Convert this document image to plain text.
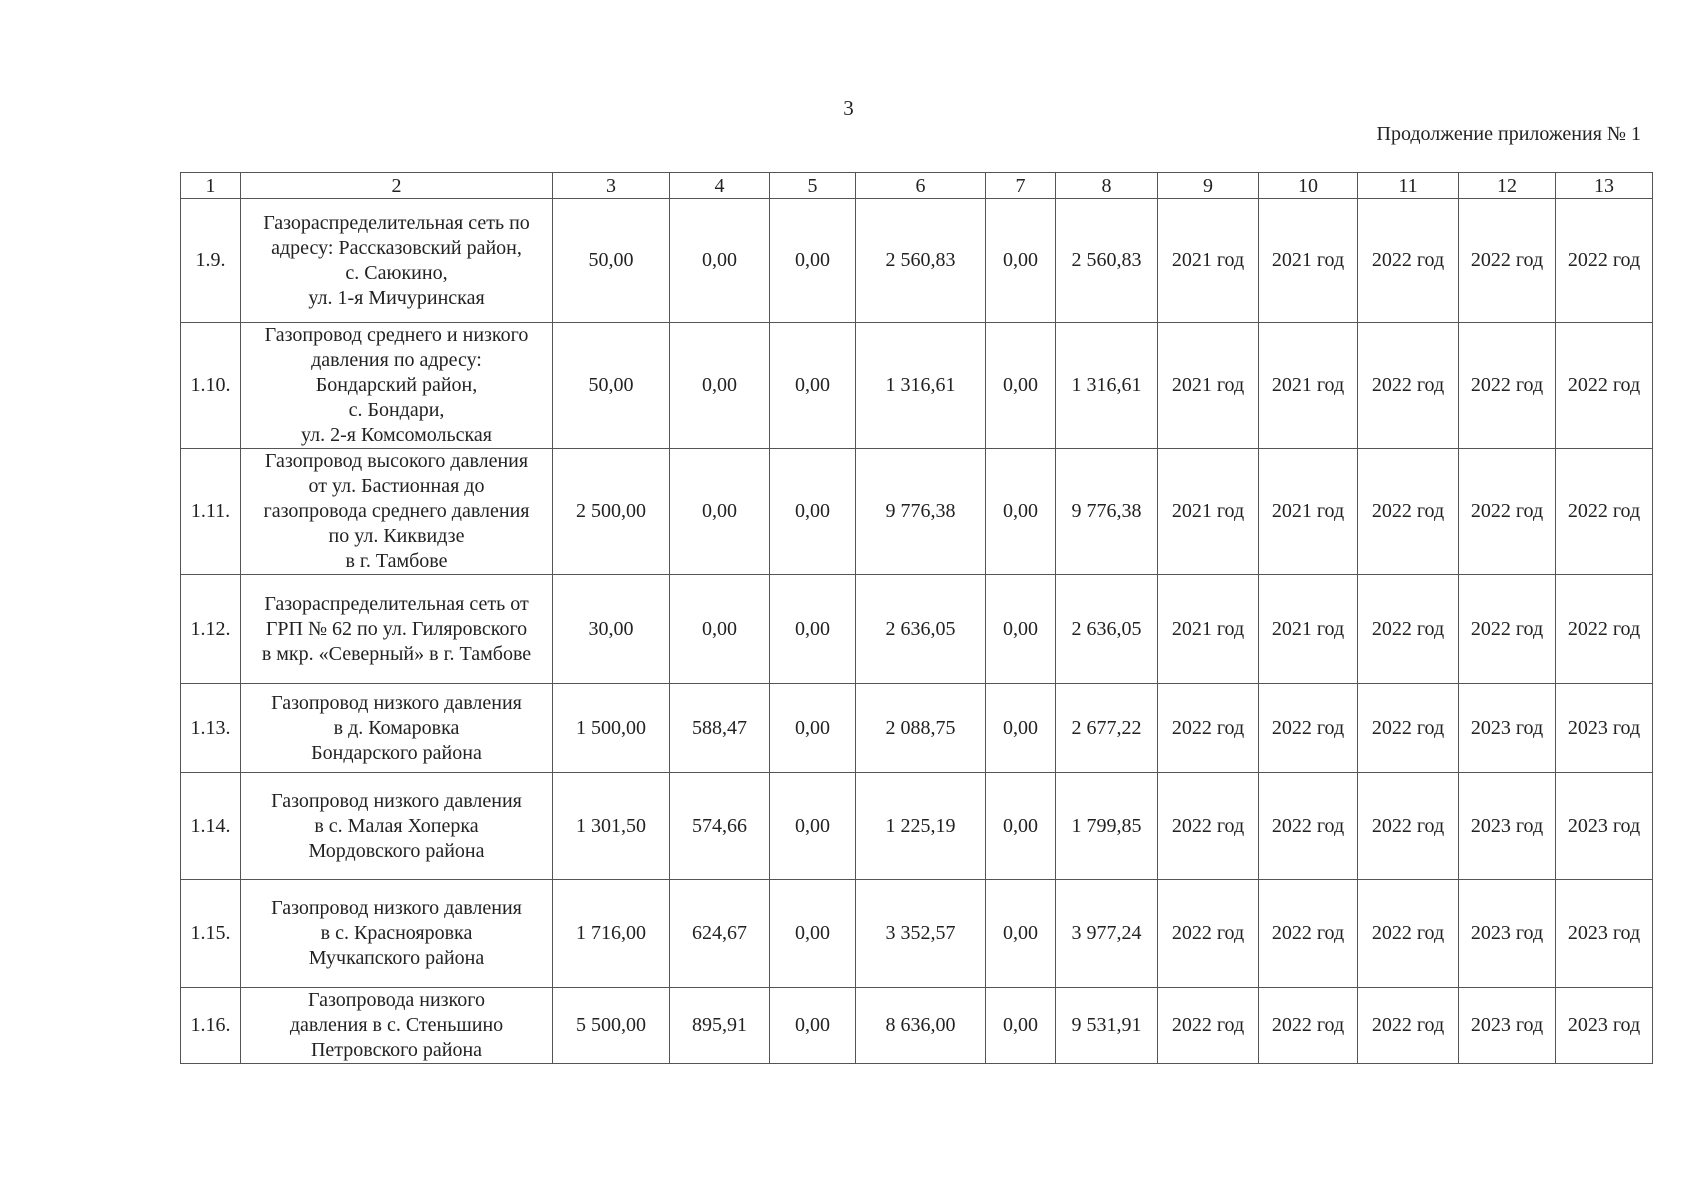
3
Продолжение приложения № 1
1	2	3	4	5	6	7	8	9	10	11	12	13
1.9.	Газораспределительная сеть по
адресу: Рассказовский район,
с. Саюкино,
ул. 1-я Мичуринская	50,00	0,00	0,00	2 560,83	0,00	2 560,83	2021 год	2021 год	2022 год	2022 год	2022 год
1.10.	Газопровод среднего и низкого
давления по адресу:
Бондарский район,
с. Бондари,
ул. 2-я Комсомольская	50,00	0,00	0,00	1 316,61	0,00	1 316,61	2021 год	2021 год	2022 год	2022 год	2022 год
1.11.	Газопровод высокого давления
от ул. Бастионная до
газопровода среднего давления
по ул. Киквидзе
в г. Тамбове	2 500,00	0,00	0,00	9 776,38	0,00	9 776,38	2021 год	2021 год	2022 год	2022 год	2022 год
1.12.	Газораспределительная сеть от
ГРП № 62 по ул. Гиляровского
в мкр. «Северный» в г. Тамбове	30,00	0,00	0,00	2 636,05	0,00	2 636,05	2021 год	2021 год	2022 год	2022 год	2022 год
1.13.	Газопровод низкого давления
в д. Комаровка
Бондарского района	1 500,00	588,47	0,00	2 088,75	0,00	2 677,22	2022 год	2022 год	2022 год	2023 год	2023 год
1.14.	Газопровод низкого давления
в с. Малая Хоперка
Мордовского района	1 301,50	574,66	0,00	1 225,19	0,00	1 799,85	2022 год	2022 год	2022 год	2023 год	2023 год
1.15.	Газопровод низкого давления
в с. Краснояровка
Мучкапского района	1 716,00	624,67	0,00	3 352,57	0,00	3 977,24	2022 год	2022 год	2022 год	2023 год	2023 год
1.16.	Газопровода низкого
давления в с. Стеньшино
Петровского района	5 500,00	895,91	0,00	8 636,00	0,00	9 531,91	2022 год	2022 год	2022 год	2023 год	2023 год
